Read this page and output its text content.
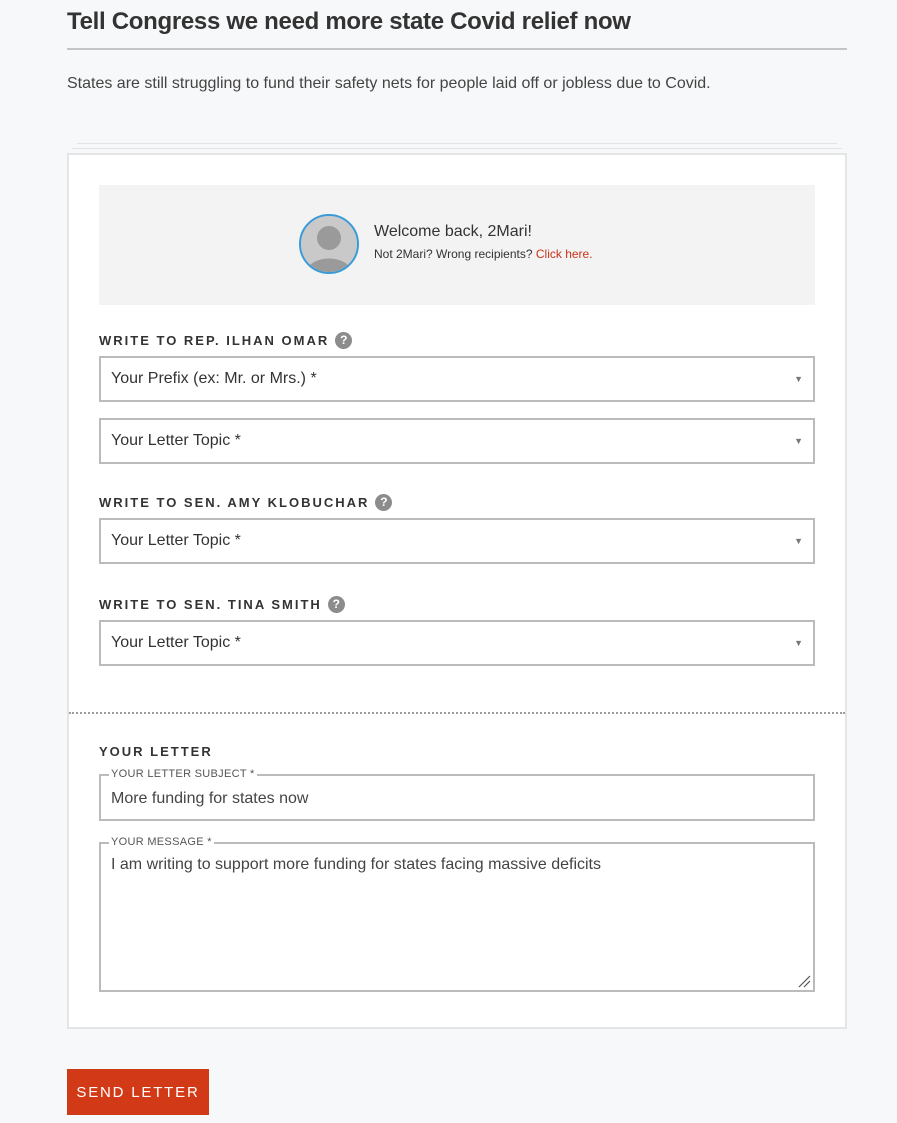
Tell Congress we need more state Covid relief now
States are still struggling to fund their safety nets for people laid off or jobless due to Covid.
Welcome back, 2Mari!
Not 2Mari? Wrong recipients? Click here.
WRITE TO REP. ILHAN OMAR ?
Your Prefix (ex: Mr. or Mrs.) *	▼
Your Letter Topic *	▼
WRITE TO SEN. AMY KLOBUCHAR ?
Your Letter Topic *	▼
WRITE TO SEN. TINA SMITH ?
Your Letter Topic *	▼
YOUR LETTER
YOUR LETTER SUBJECT *
More funding for states now
YOUR MESSAGE *
I am writing to support more funding for states facing massive deficits
SEND LETTER
